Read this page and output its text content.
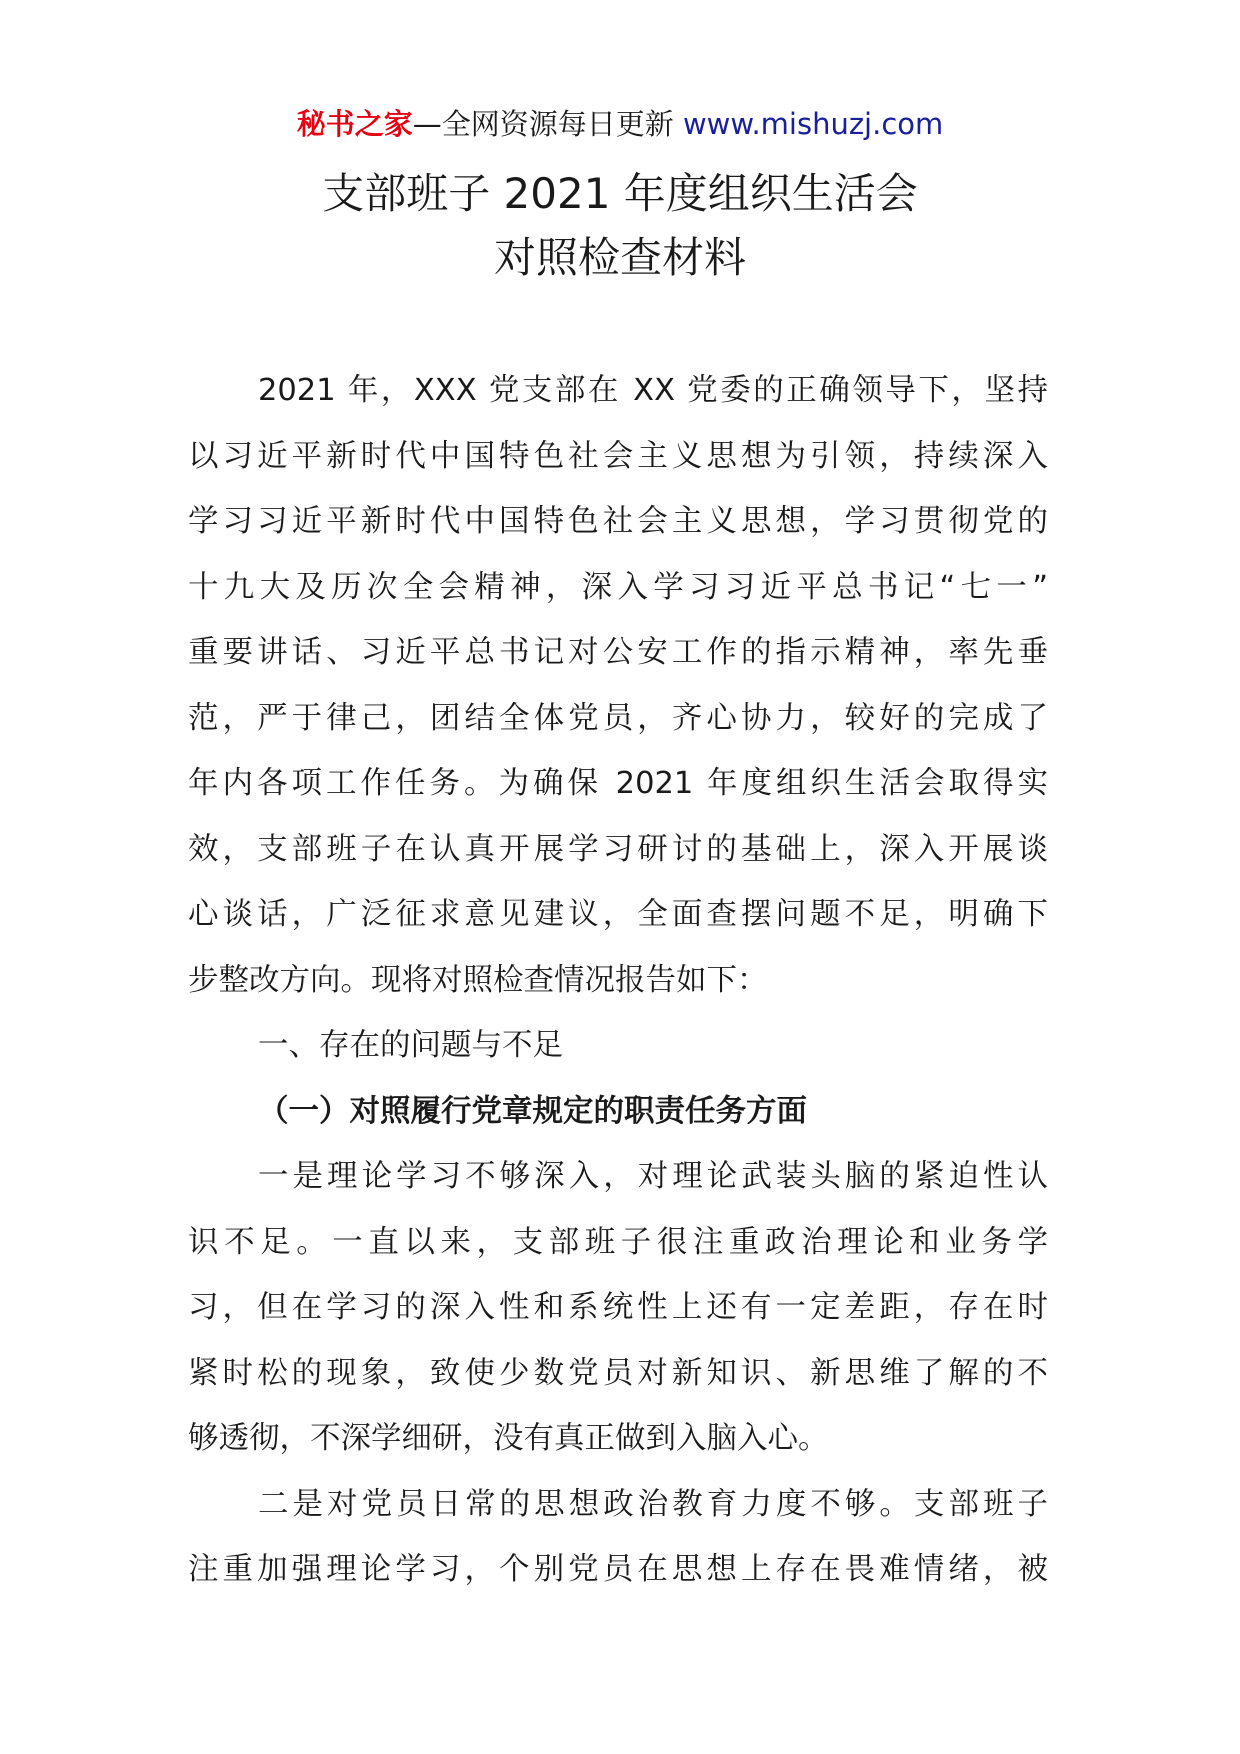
秘书之家—全网资源每日更新 www.mishuzj.com
支部班子 2021 年度组织生活会
对照检查材料
2021 年，XXX 党支部在 XX 党委的正确领导下，坚持
以习近平新时代中国特色社会主义思想为引领，持续深入
学习习近平新时代中国特色社会主义思想，学习贯彻党的
十九大及历次全会精神，深入学习习近平总书记“七一”
重要讲话、习近平总书记对公安工作的指示精神，率先垂
范，严于律己，团结全体党员，齐心协力，较好的完成了
年内各项工作任务。为确保 2021 年度组织生活会取得实
效，支部班子在认真开展学习研讨的基础上，深入开展谈
心谈话，广泛征求意见建议，全面查摆问题不足，明确下
步整改方向。现将对照检查情况报告如下：
一、存在的问题与不足
（一）对照履行党章规定的职责任务方面
一是理论学习不够深入，对理论武装头脑的紧迫性认
识不足。一直以来，支部班子很注重政治理论和业务学
习，但在学习的深入性和系统性上还有一定差距，存在时
紧时松的现象，致使少数党员对新知识、新思维了解的不
够透彻，不深学细研，没有真正做到入脑入心。
二是对党员日常的思想政治教育力度不够。支部班子
注重加强理论学习，个别党员在思想上存在畏难情绪，被
